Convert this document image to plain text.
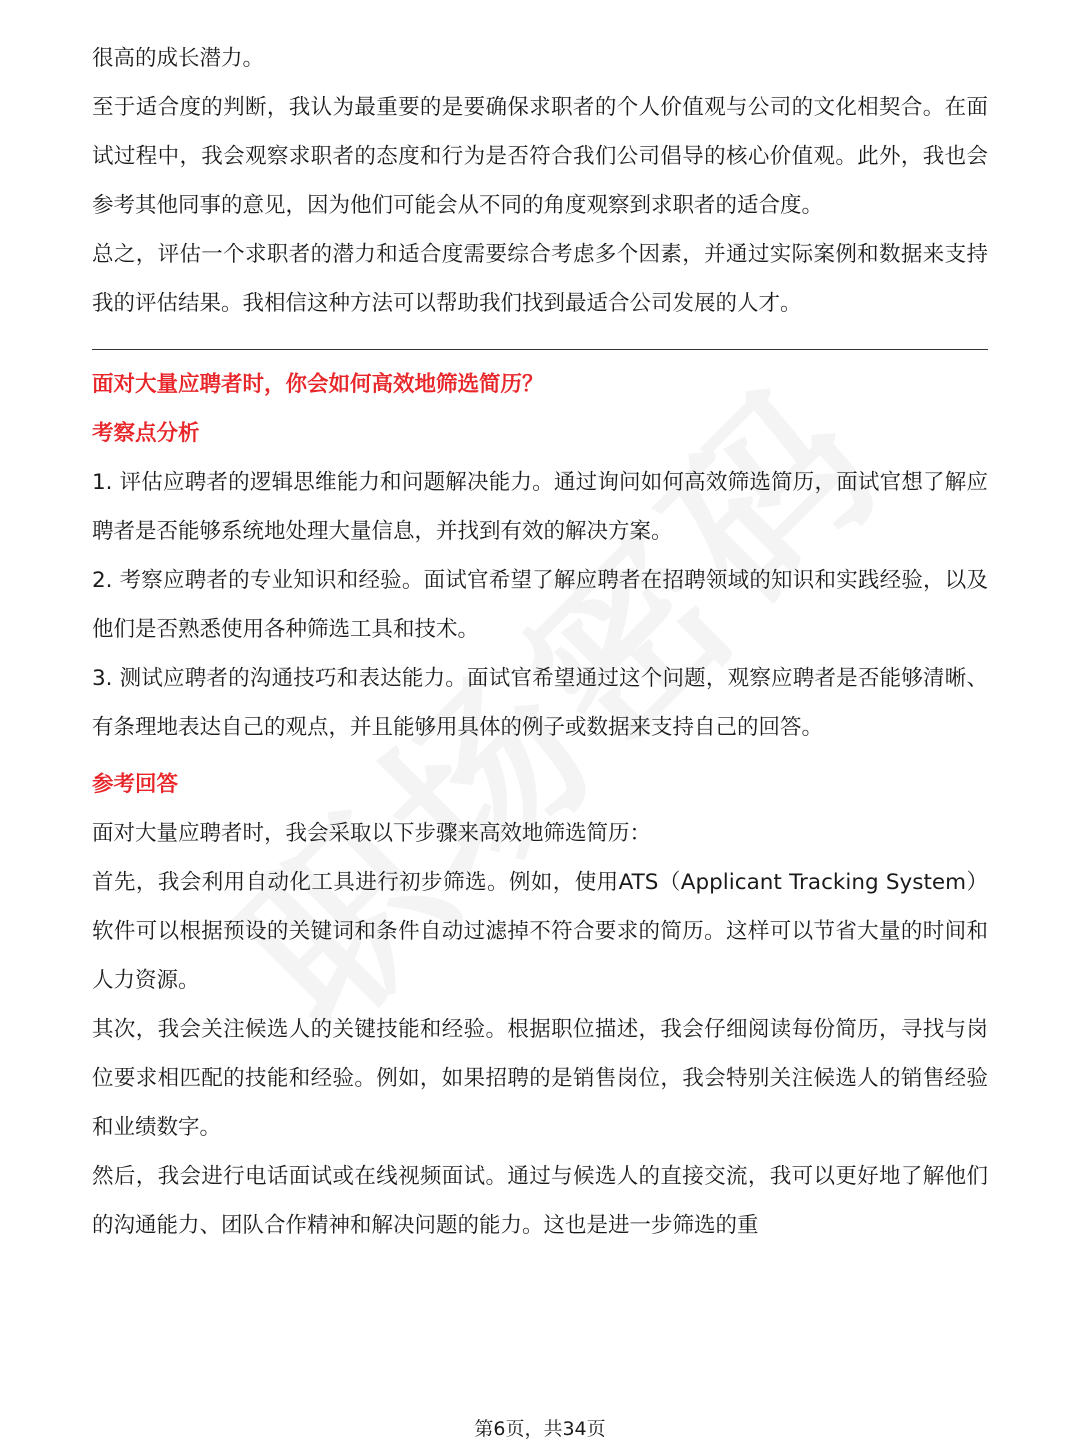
很高的成长潜力。

至于适合度的判断，我认为最重要的是要确保求职者的个人价值观与公司的文化相契合。在面试过程中，我会观察求职者的态度和行为是否符合我们公司倡导的核心价值观。此外，我也会参考其他同事的意见，因为他们可能会从不同的角度观察到求职者的适合度。

总之，评估一个求职者的潜力和适合度需要综合考虑多个因素，并通过实际案例和数据来支持我的评估结果。我相信这种方法可以帮助我们找到最适合公司发展的人才。

面对大量应聘者时，你会如何高效地筛选简历？

考察点分析

1. 评估应聘者的逻辑思维能力和问题解决能力。通过询问如何高效筛选简历，面试官想了解应聘者是否能够系统地处理大量信息，并找到有效的解决方案。

2. 考察应聘者的专业知识和经验。面试官希望了解应聘者在招聘领域的知识和实践经验，以及他们是否熟悉使用各种筛选工具和技术。

3. 测试应聘者的沟通技巧和表达能力。面试官希望通过这个问题，观察应聘者是否能够清晰、有条理地表达自己的观点，并且能够用具体的例子或数据来支持自己的回答。

参考回答

面对大量应聘者时，我会采取以下步骤来高效地筛选简历：

首先，我会利用自动化工具进行初步筛选。例如，使用ATS（Applicant Tracking System）软件可以根据预设的关键词和条件自动过滤掉不符合要求的简历。这样可以节省大量的时间和人力资源。

其次，我会关注候选人的关键技能和经验。根据职位描述，我会仔细阅读每份简历，寻找与岗位要求相匹配的技能和经验。例如，如果招聘的是销售岗位，我会特别关注候选人的销售经验和业绩数字。

然后，我会进行电话面试或在线视频面试。通过与候选人的直接交流，我可以更好地了解他们的沟通能力、团队合作精神和解决问题的能力。这也是进一步筛选的重

第6页，共34页
